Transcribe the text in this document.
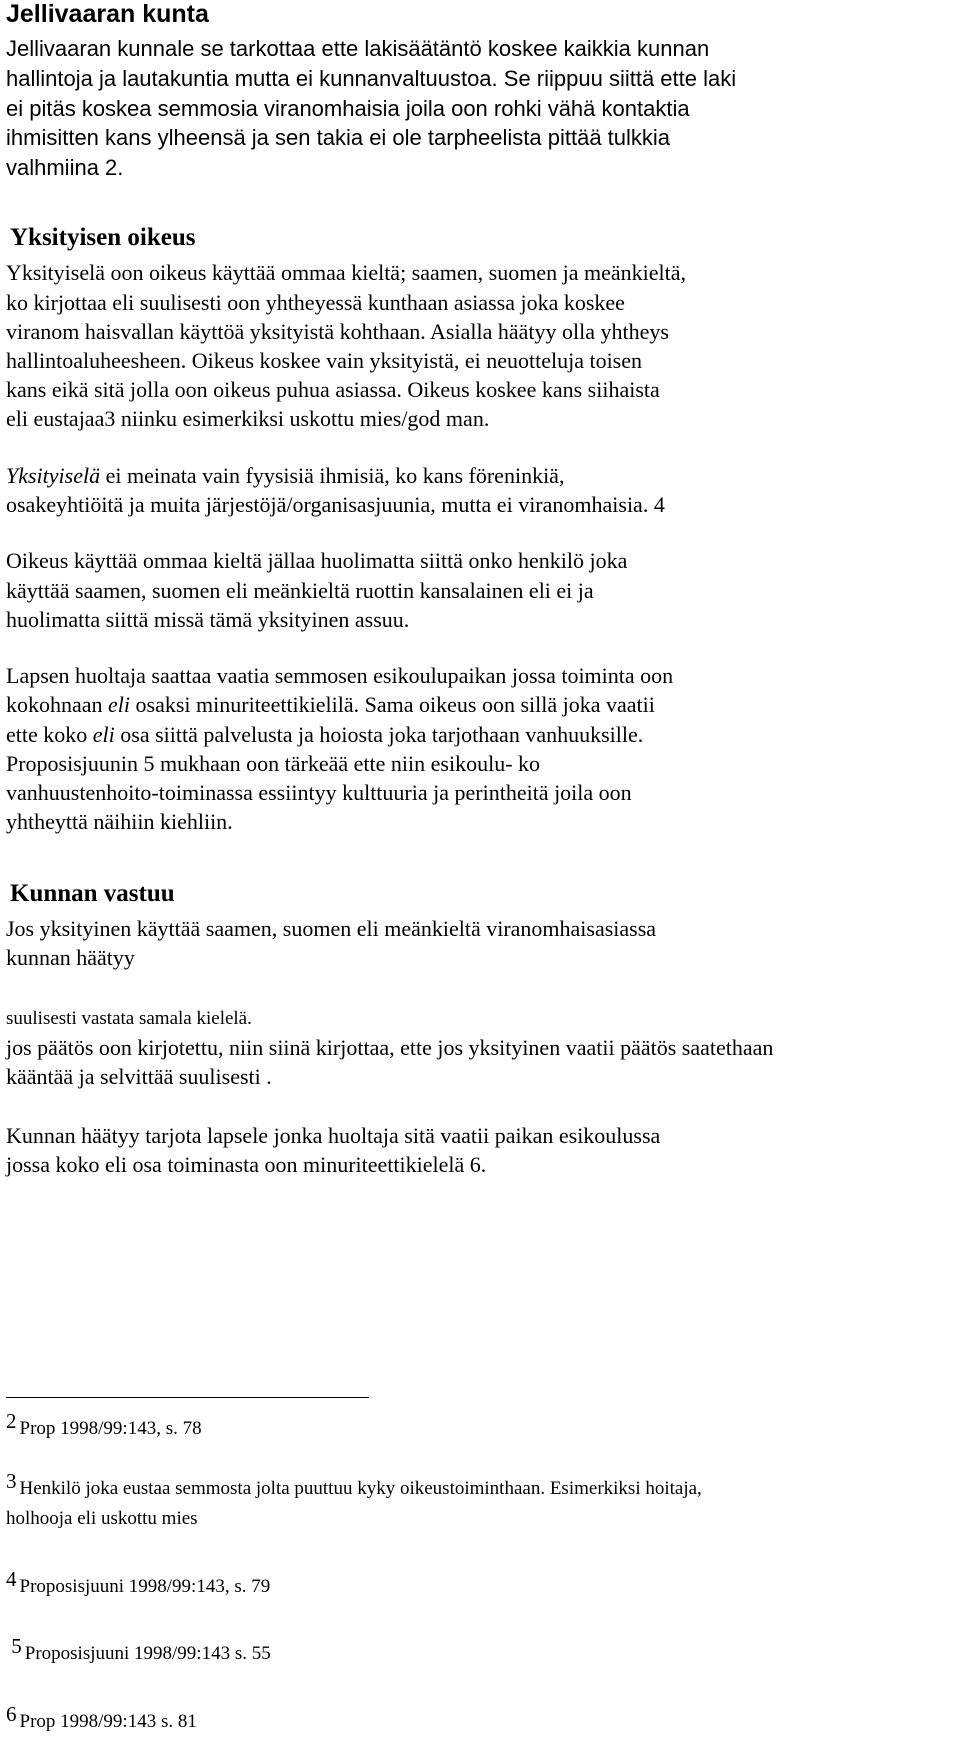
Jellivaaran kunta
Jellivaaran kunnale se tarkottaa ette lakisäätäntö koskee kaikkia kunnan
hallintoja ja lautakuntia mutta ei kunnanvaltuustoa. Se riippuu siittä ette laki
ei pitäs koskea semmosia viranomhaisia joila oon rohki vähä kontaktia
ihmisitten kans ylheensä ja sen takia ei ole tarpheelista pittää tulkkia
valhmiina 2.
Yksityisen oikeus
Yksityiselä oon oikeus käyttää ommaa kieltä; saamen, suomen ja meänkieltä,
ko kirjottaa eli suulisesti oon yhtheyessä kunthaan asiassa joka koskee
viranom haisvallan käyttöä yksityistä kohthaan. Asialla häätyy olla yhtheys
hallintoaluheesheen. Oikeus koskee vain yksityistä, ei neuotteluja toisen
kans eikä sitä jolla oon oikeus puhua asiassa. Oikeus koskee kans siihaista
eli eustajaa3 niinku esimerkiksi uskottu mies/god man.
Yksityiselä ei meinata vain fyysisiä ihmisiä, ko kans föreninkiä,
osakeyhtiöitä ja muita järjestöjä/organisasjuunia, mutta ei viranomhaisia. 4
Oikeus käyttää ommaa kieltä jällaa huolimatta siittä onko henkilö joka
käyttää saamen, suomen eli meänkieltä ruottin kansalainen eli ei ja
huolimatta siittä missä tämä yksityinen assuu.
Lapsen huoltaja saattaa vaatia semmosen esikoulupaikan jossa toiminta oon
kokohnaan eli osaksi minuriteettikielilä. Sama oikeus oon sillä joka vaatii
ette koko eli osa siittä palvelusta ja hoiosta joka tarjothaan vanhuuksille.
Proposisjuunin 5 mukhaan oon tärkeää ette niin esikoulu- ko
vanhuustenhoito-toiminassa essiintyy kulttuuria ja perintheitä joila oon
yhtheyttä näihiin kiehliin.
Kunnan vastuu
Jos yksityinen käyttää saamen, suomen eli meänkieltä viranomhaisasiassa
kunnan häätyy
suulisesti vastata samala kielelä.
jos päätös oon kirjotettu, niin siinä kirjottaa, ette jos yksityinen vaatii päätös saatethaan
kääntää ja selvittää suulisesti .
Kunnan häätyy tarjota lapsele jonka huoltaja sitä vaatii paikan esikoulussa
jossa koko eli osa toiminasta oon minuriteettikielelä 6.
$^2$ Prop 1998/99:143, s. 78
$^3$ Henkilö joka eustaa semmosta jolta puuttuu kyky oikeustoiminthaan. Esimerkiksi hoitaja,
holhooja eli uskottu mies
$^4$ Proposisjuuni 1998/99:143, s. 79
$^5$ Proposisjuuni 1998/99:143 s. 55
$^6$ Prop 1998/99:143 s. 81
